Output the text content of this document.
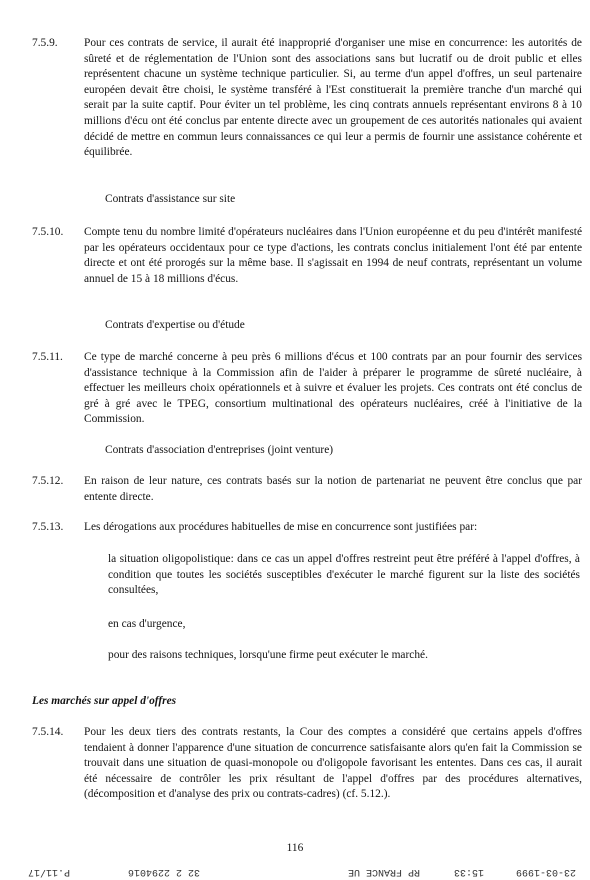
7.5.9.	Pour ces contrats de service, il aurait été inapproprié d'organiser une mise en concurrence: les autorités de sûreté et de réglementation de l'Union sont des associations sans but lucratif ou de droit public et elles représentent chacune un système technique particulier. Si, au terme d'un appel d'offres, un seul partenaire européen devait être choisi, le système transféré à l'Est constituerait la première tranche d'un marché qui serait par la suite captif. Pour éviter un tel problème, les cinq contrats annuels représentant environs 8 à 10 millions d'écu ont été conclus par entente directe avec un groupement de ces autorités nationales qui avaient décidé de mettre en commun leurs connaissances ce qui leur a permis de fournir une assistance cohérente et équilibrée.
Contrats d'assistance sur site
7.5.10.	Compte tenu du nombre limité d'opérateurs nucléaires dans l'Union européenne et du peu d'intérêt manifesté par les opérateurs occidentaux pour ce type d'actions, les contrats conclus initialement l'ont été par entente directe et ont été prorogés sur la même base. Il s'agissait en 1994 de neuf contrats, représentant un volume annuel de 15 à 18 millions d'écus.
Contrats d'expertise ou d'étude
7.5.11.	Ce type de marché concerne à peu près 6 millions d'écus et 100 contrats par an pour fournir des services d'assistance technique à la Commission afin de l'aider à préparer le programme de sûreté nucléaire, à effectuer les meilleurs choix opérationnels et à suivre et évaluer les projets. Ces contrats ont été conclus de gré à gré avec le TPEG, consortium multinational des opérateurs nucléaires, créé à l'initiative de la Commission.
Contrats d'association d'entreprises (joint venture)
7.5.12.	En raison de leur nature, ces contrats basés sur la notion de partenariat ne peuvent être conclus que par entente directe.
7.5.13.	Les dérogations aux procédures habituelles de mise en concurrence sont justifiées par:
la situation oligopolistique: dans ce cas un appel d'offres restreint peut être préféré à l'appel d'offres, à condition que toutes les sociétés susceptibles d'exécuter le marché figurent sur la liste des sociétés consultées,
en cas d'urgence,
pour des raisons techniques, lorsqu'une firme peut exécuter le marché.
Les marchés sur appel d'offres
7.5.14.	Pour les deux tiers des contrats restants, la Cour des comptes a considéré que certains appels d'offres tendaient à donner l'apparence d'une situation de concurrence satisfaisante alors qu'en fait la Commission se trouvait dans une situation de quasi-monopole ou d'oligopole favorisant les ententes. Dans ces cas, il aurait été nécessaire de contrôler les prix résultant de l'appel d'offres par des procédures alternatives, (décomposition et d'analyse des prix ou contrats-cadres) (cf. 5.12.).
116

23-03-1999

15:33

RP FRANCE UE

32 2 2294016

P.11/17
